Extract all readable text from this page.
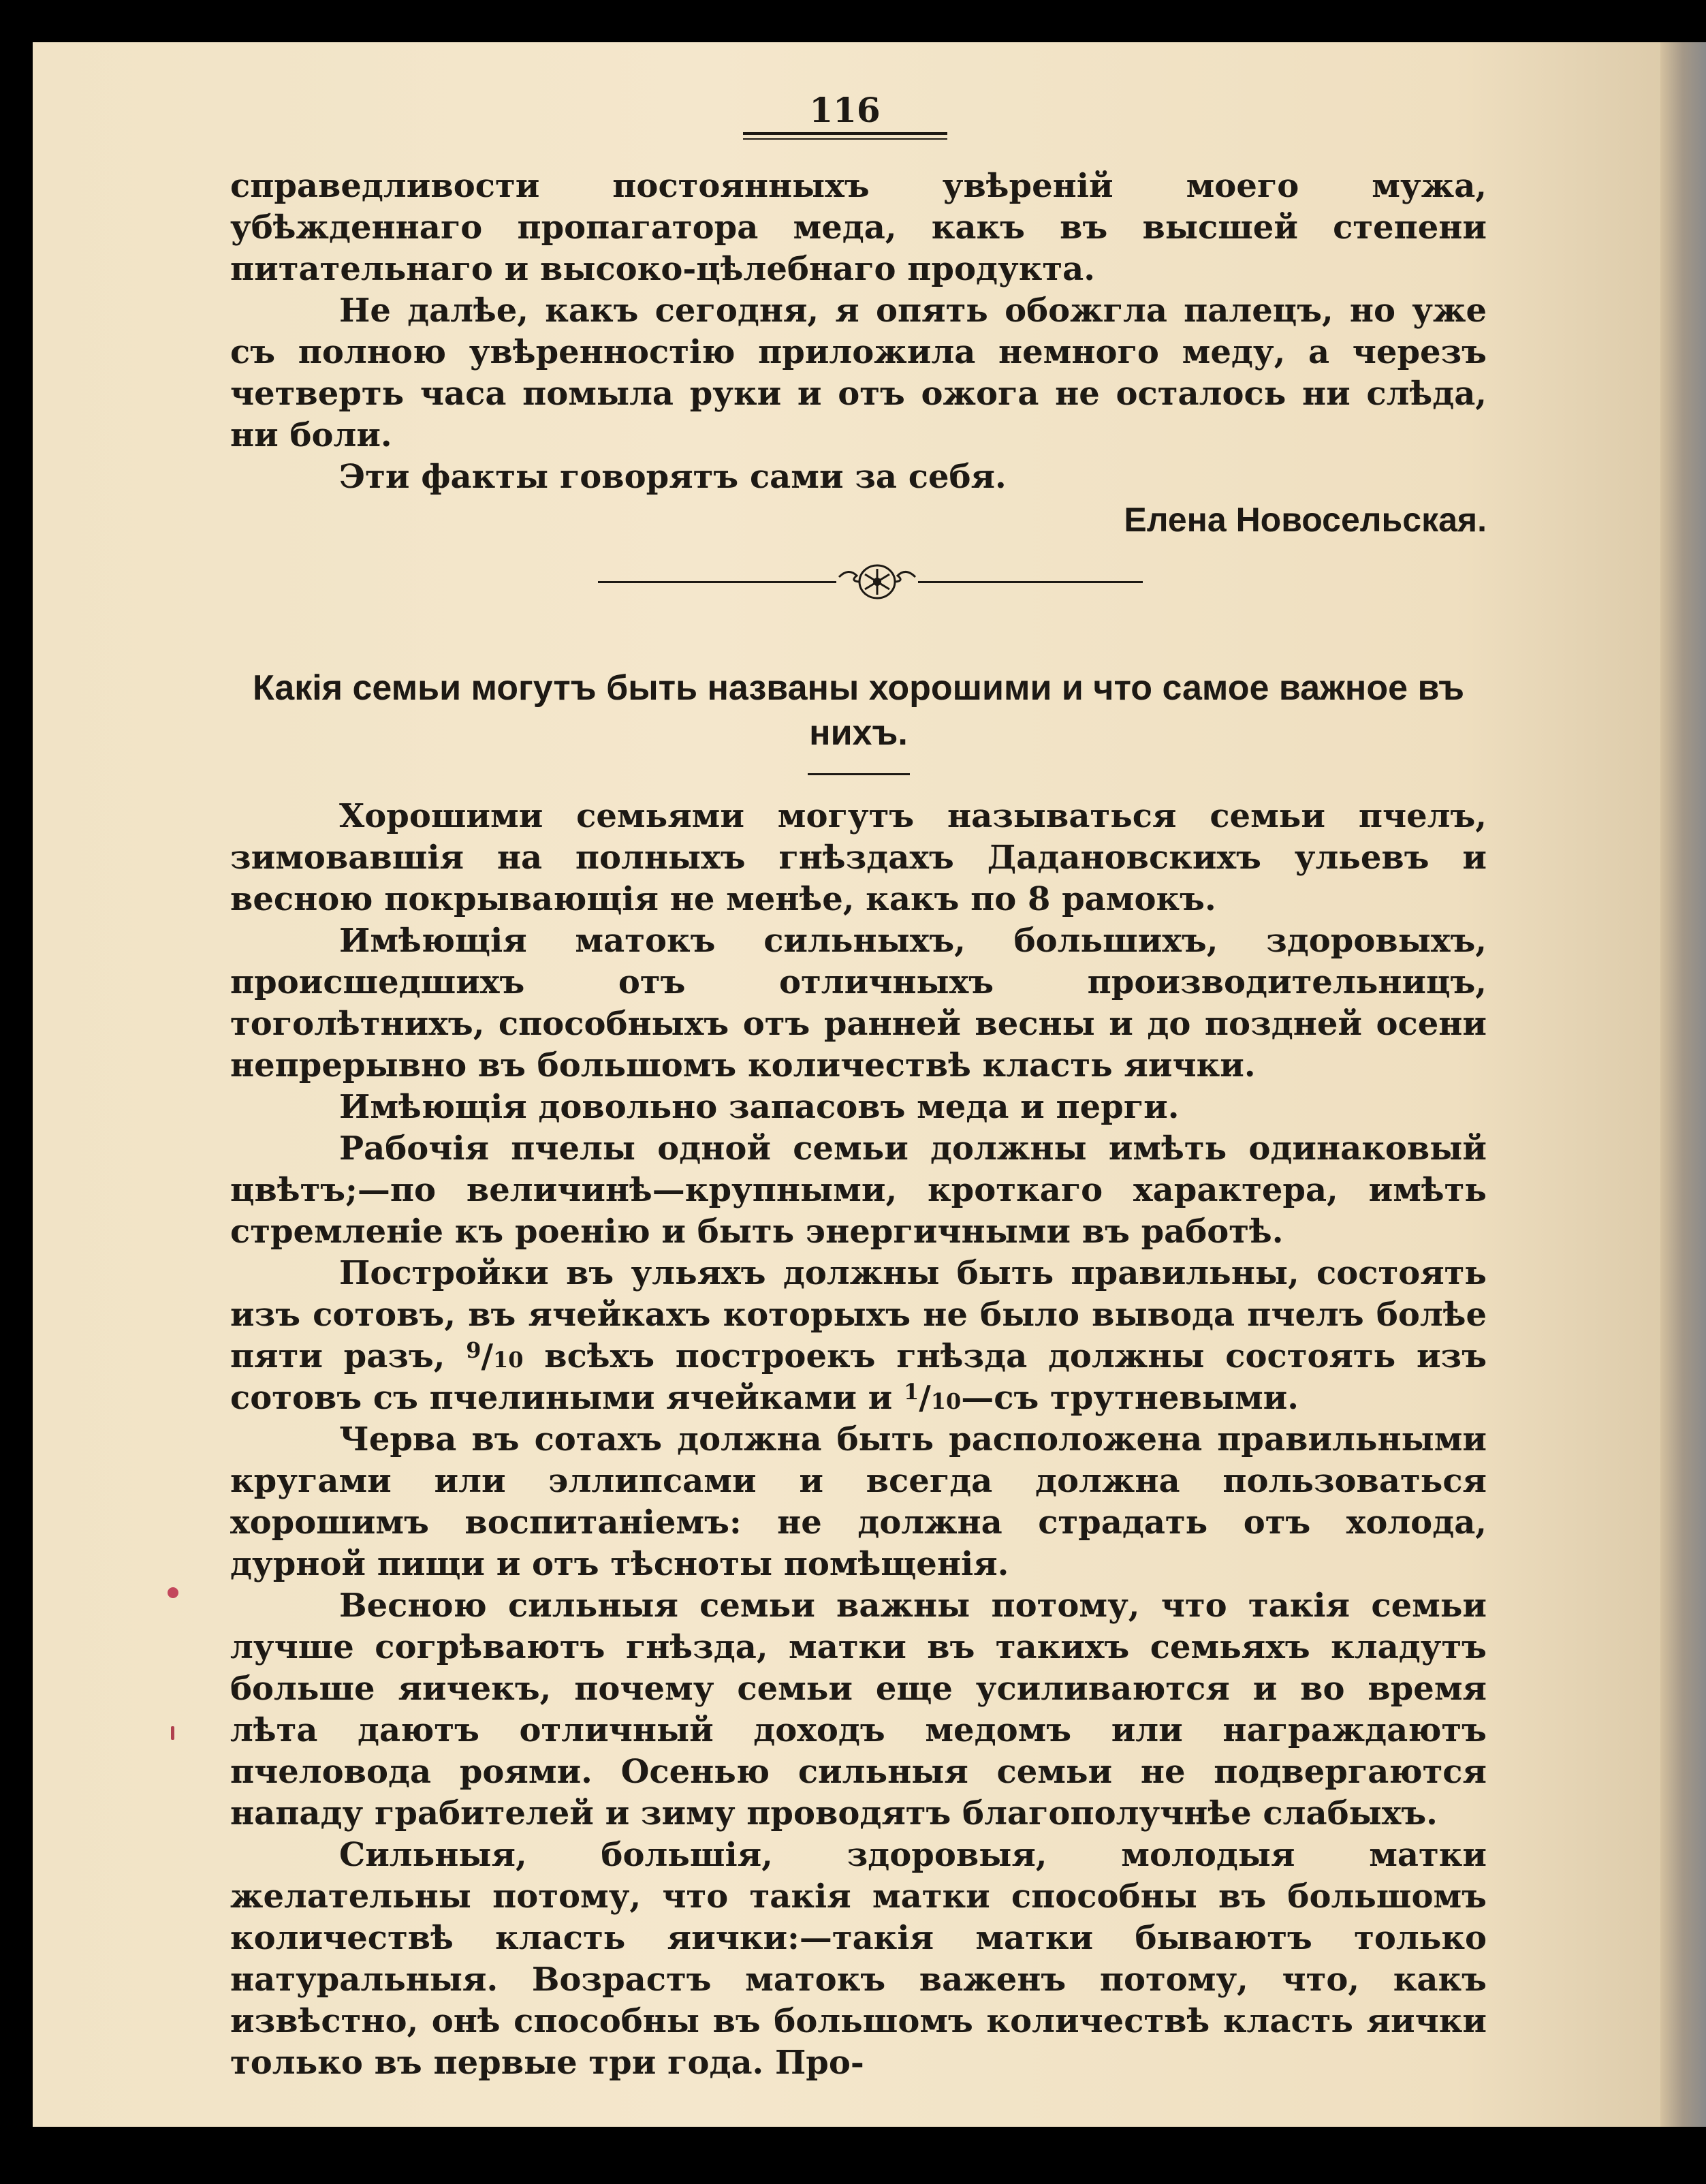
116

справедливости постоянныхъ увѣреній моего мужа, убѣжденнаго пропагатора меда, какъ въ высшей степени питательнаго и высоко-цѣлебнаго продукта.

Не далѣе, какъ сегодня, я опять обожгла палецъ, но уже съ полною увѣренностію приложила немного меду, а черезъ четверть часа помыла руки и отъ ожога не осталось ни слѣда, ни боли.

Эти факты говорятъ сами за себя.

Елена Новосельская.
Какія семьи могутъ быть названы хорошими и что самое важное въ нихъ.

Хорошими семьями могутъ называться семьи пчелъ, зимовавшія на полныхъ гнѣздахъ Дадановскихъ ульевъ и весною покрывающія не менѣе, какъ по 8 рамокъ.

Имѣющія матокъ сильныхъ, большихъ, здоровыхъ, происшедшихъ отъ отличныхъ производительницъ, тоголѣтнихъ, способныхъ отъ ранней весны и до поздней осени непрерывно въ большомъ количествѣ класть яички.

Имѣющія довольно запасовъ меда и перги.

Рабочія пчелы одной семьи должны имѣть одинаковый цвѣтъ;—по величинѣ—крупными, кроткаго характера, имѣть стремленіе къ роенію и быть энергичными въ работѣ.

Постройки въ ульяхъ должны быть правильны, состоять изъ сотовъ, въ ячейкахъ которыхъ не было вывода пчелъ болѣе пяти разъ, $^9$/10 всѣхъ построекъ гнѣзда должны состоять изъ сотовъ съ пчелиными ячейками и $^1$/10—съ трутневыми.

Черва въ сотахъ должна быть расположена правильными кругами или эллипсами и всегда должна пользоваться хорошимъ воспитаніемъ: не должна страдать отъ холода, дурной пищи и отъ тѣсноты помѣщенія.

Весною сильныя семьи важны потому, что такія семьи лучше согрѣваютъ гнѣзда, матки въ такихъ семьяхъ кладутъ больше яичекъ, почему семьи еще усиливаются и во время лѣта даютъ отличный доходъ медомъ или награждаютъ пчеловода роями. Осенью сильныя семьи не подвергаются нападу грабителей и зиму проводятъ благополучнѣе слабыхъ.

Сильныя, большія, здоровыя, молодыя матки желательны потому, что такія матки способны въ большомъ количествѣ класть яички:—такія матки бываютъ только натуральныя. Возрастъ матокъ важенъ потому, что, какъ извѣстно, онѣ способны въ большомъ количествѣ класть яички только въ первые три года. Про-
